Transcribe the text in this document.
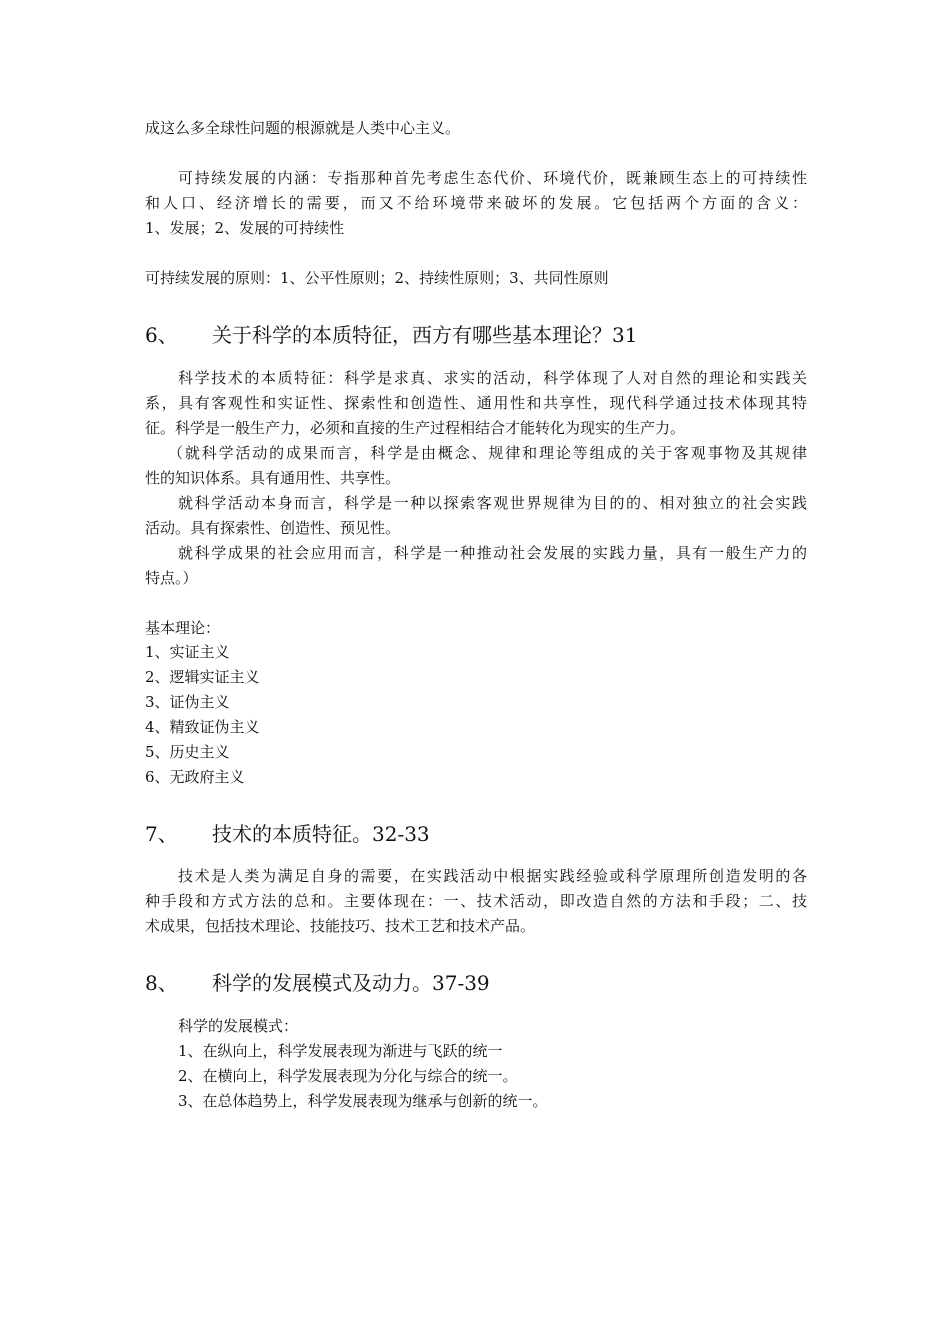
成这么多全球性问题的根源就是人类中心主义。
可持续发展的内涵：专指那种首先考虑生态代价、环境代价，既兼顾生态上的可持续性
和人口、经济增长的需要，而又不给环境带来破坏的发展。它包括两个方面的含义：
1、发展；2、发展的可持续性
可持续发展的原则：1、公平性原则；2、持续性原则；3、共同性原则
6、 关于科学的本质特征，西方有哪些基本理论？31
科学技术的本质特征：科学是求真、求实的活动，科学体现了人对自然的理论和实践关
系，具有客观性和实证性、探索性和创造性、通用性和共享性，现代科学通过技术体现其特
征。科学是一般生产力，必须和直接的生产过程相结合才能转化为现实的生产力。
（就科学活动的成果而言，科学是由概念、规律和理论等组成的关于客观事物及其规律
性的知识体系。具有通用性、共享性。
就科学活动本身而言，科学是一种以探索客观世界规律为目的的、相对独立的社会实践
活动。具有探索性、创造性、预见性。
就科学成果的社会应用而言，科学是一种推动社会发展的实践力量，具有一般生产力的
特点。）
基本理论：
1、实证主义
2、逻辑实证主义
3、证伪主义
4、精致证伪主义
5、历史主义
6、无政府主义
7、 技术的本质特征。32-33
技术是人类为满足自身的需要，在实践活动中根据实践经验或科学原理所创造发明的各
种手段和方式方法的总和。主要体现在：一、技术活动，即改造自然的方法和手段；二、技
术成果，包括技术理论、技能技巧、技术工艺和技术产品。
8、 科学的发展模式及动力。37-39
科学的发展模式：
1、在纵向上，科学发展表现为渐进与飞跃的统一
2、在横向上，科学发展表现为分化与综合的统一。
3、在总体趋势上，科学发展表现为继承与创新的统一。
